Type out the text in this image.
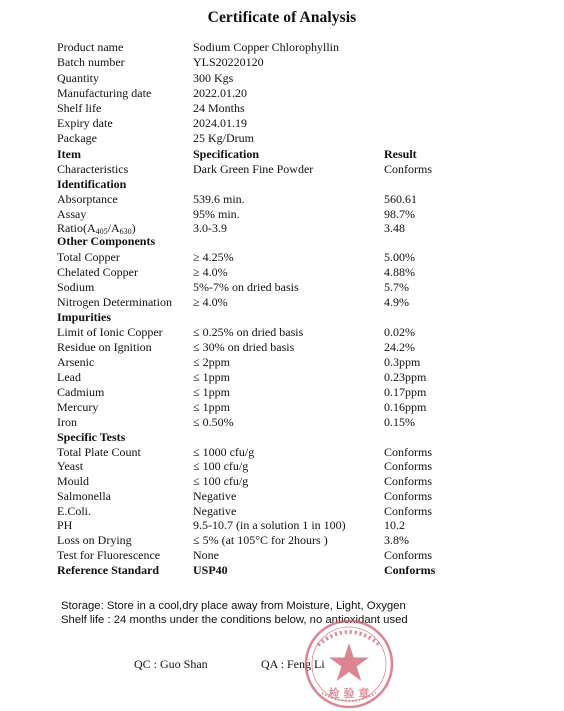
Certificate of Analysis
Product name	Sodium Copper Chlorophyllin
Batch number	YLS20220120
Quantity	300 Kgs
Manufacturing date	2022.01.20
Shelf life	24 Months
Expiry date	2024.01.19
Package	25 Kg/Drum
Item	Specification	Result
Characteristics	Dark Green Fine Powder	Conforms
Identification
Absorptance	539.6 min.	560.61
Assay	95% min.	98.7%
$Ratio(A_{405}/A_{630})$	3.0-3.9	3.48
Other Components
Total Copper	≥ 4.25%	5.00%
Chelated Copper	≥ 4.0%	4.88%
Sodium	5%-7% on dried basis	5.7%
Nitrogen Determination ≥ 4.0%	4.9%
Impurities
Limit of Ionic Copper	≤ 0.25% on dried basis	0.02%
Residue on Ignition	≤ 30% on dried basis	24.2%
Arsenic	≤ 2ppm	0.3ppm
Lead	≤ 1ppm	0.23ppm
Cadmium	≤ 1ppm	0.17ppm
Mercury	≤ 1ppm	0.16ppm
Iron	≤ 0.50%	0.15%
Specific Tests
Total Plate Count	≤ 1000 cfu/g	Conforms
Yeast	≤ 100 cfu/g	Conforms
Mould	≤ 100 cfu/g	Conforms
Salmonella	Negative	Conforms
E.Coli.	Negative	Conforms
PH	9.5-10.7 (in a solution 1 in 100)	10.2
Loss on Drying	≤ 5% (at 105°C for 2hours )	3.8%
Test for Fluorescence	None	Conforms
Reference Standard	USP40	Conforms
Storage: Store in a cool,dry place away from Moisture, Light, Oxygen
Shelf life : 24 months under the conditions below, no antioxidant used
QC : Guo Shan	QA : Feng Li
检 验 章
